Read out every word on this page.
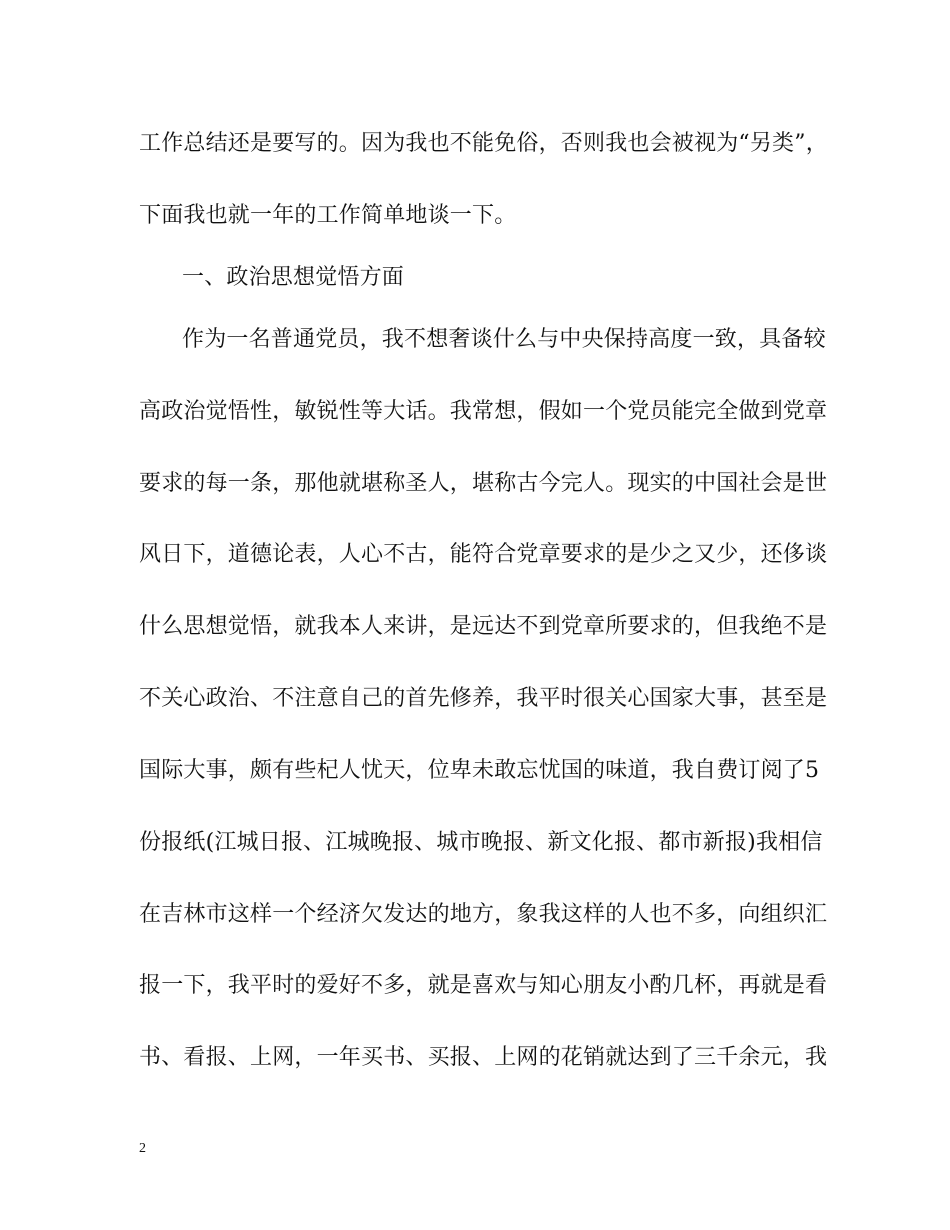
工作总结还是要写的。因为我也不能免俗，否则我也会被视为“另类”，
下面我也就一年的工作简单地谈一下。
一、政治思想觉悟方面
作为一名普通党员，我不想奢谈什么与中央保持高度一致，具备较
高政治觉悟性，敏锐性等大话。我常想，假如一个党员能完全做到党章
要求的每一条，那他就堪称圣人，堪称古今完人。现实的中国社会是世
风日下，道德论表，人心不古，能符合党章要求的是少之又少，还侈谈
什么思想觉悟，就我本人来讲，是远达不到党章所要求的，但我绝不是
不关心政治、不注意自己的首先修养，我平时很关心国家大事，甚至是
国际大事，颇有些杞人忧天，位卑未敢忘忧国的味道，我自费订阅了5
份报纸(江城日报、江城晚报、城市晚报、新文化报、都市新报)我相信
在吉林市这样一个经济欠发达的地方，象我这样的人也不多，向组织汇
报一下，我平时的爱好不多，就是喜欢与知心朋友小酌几杯，再就是看
书、看报、上网，一年买书、买报、上网的花销就达到了三千余元，我
2
